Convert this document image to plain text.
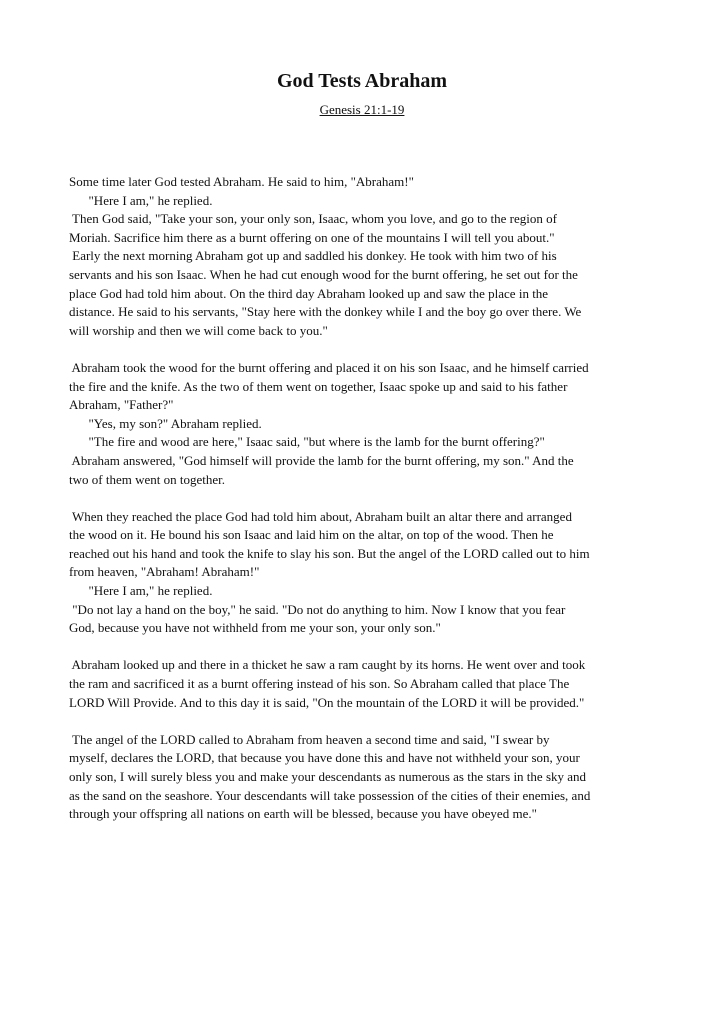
God Tests Abraham
Genesis 21:1-19

Some time later God tested Abraham. He said to him, "Abraham!"
"Here I am," he replied.
Then God said, "Take your son, your only son, Isaac, whom you love, and go to the region of
Moriah. Sacrifice him there as a burnt offering on one of the mountains I will tell you about."
Early the next morning Abraham got up and saddled his donkey. He took with him two of his
servants and his son Isaac. When he had cut enough wood for the burnt offering, he set out for the
place God had told him about. On the third day Abraham looked up and saw the place in the
distance. He said to his servants, "Stay here with the donkey while I and the boy go over there. We
will worship and then we will come back to you."

Abraham took the wood for the burnt offering and placed it on his son Isaac, and he himself carried
the fire and the knife. As the two of them went on together, Isaac spoke up and said to his father
Abraham, "Father?"
"Yes, my son?" Abraham replied.
"The fire and wood are here," Isaac said, "but where is the lamb for the burnt offering?"
Abraham answered, "God himself will provide the lamb for the burnt offering, my son." And the
two of them went on together.

When they reached the place God had told him about, Abraham built an altar there and arranged
the wood on it. He bound his son Isaac and laid him on the altar, on top of the wood. Then he
reached out his hand and took the knife to slay his son. But the angel of the LORD called out to him
from heaven, "Abraham! Abraham!"
"Here I am," he replied.
"Do not lay a hand on the boy," he said. "Do not do anything to him. Now I know that you fear
God, because you have not withheld from me your son, your only son."

Abraham looked up and there in a thicket he saw a ram caught by its horns. He went over and took
the ram and sacrificed it as a burnt offering instead of his son. So Abraham called that place The
LORD Will Provide. And to this day it is said, "On the mountain of the LORD it will be provided."

The angel of the LORD called to Abraham from heaven a second time and said, "I swear by
myself, declares the LORD, that because you have done this and have not withheld your son, your
only son, I will surely bless you and make your descendants as numerous as the stars in the sky and
as the sand on the seashore. Your descendants will take possession of the cities of their enemies, and
through your offspring all nations on earth will be blessed, because you have obeyed me."
